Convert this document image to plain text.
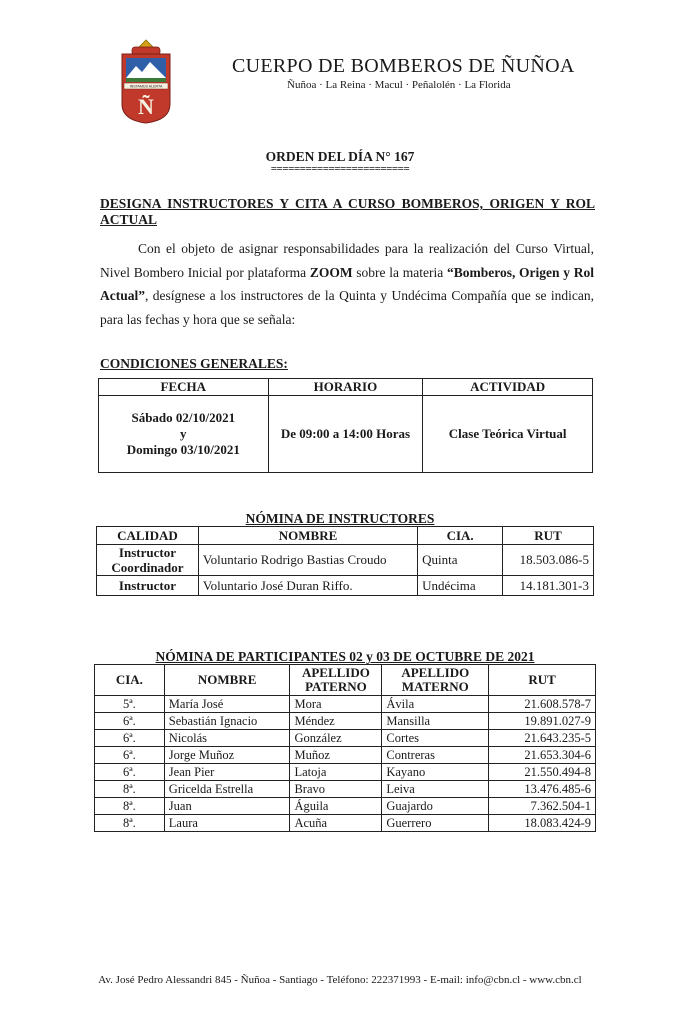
INSTAMUS ALERTA
Ñ
CUERPO DE BOMBEROS DE ÑUÑOA
Ñuñoa · La Reina · Macul · Peñalolén · La Florida
ORDEN DEL DÍA N° 167
========================
DESIGNA INSTRUCTORES Y CITA A CURSO BOMBEROS, ORIGEN Y ROL ACTUAL
Con el objeto de asignar responsabilidades para la realización del Curso Virtual, Nivel Bombero Inicial por plataforma ZOOM sobre la materia “Bomberos, Origen y Rol Actual”, desígnese a los instructores de la Quinta y Undécima Compañía que se indican, para las fechas y hora que se señala:
CONDICIONES GENERALES:
FECHA	HORARIO	ACTIVIDAD

Sábado 02/10/2021
y
Domingo 03/10/2021	De 09:00 a 14:00 Horas	Clase Teórica Virtual
NÓMINA DE INSTRUCTORES
CALIDAD	NOMBRE	CIA.	RUT
Instructor Coordinador	Voluntario Rodrigo Bastias Croudo	Quinta	18.503.086-5
Instructor	Voluntario José Duran Riffo.	Undécima	14.181.301-3
NÓMINA DE PARTICIPANTES 02 y 03 DE OCTUBRE DE 2021
CIA.	NOMBRE	APELLIDO PATERNO	APELLIDO MATERNO	RUT
5ª.	María José	Mora	Ávila	21.608.578-7
6ª.	Sebastián Ignacio	Méndez	Mansilla	19.891.027-9
6ª.	Nicolás	González	Cortes	21.643.235-5
6ª.	Jorge Muñoz	Muñoz	Contreras	21.653.304-6
6ª.	Jean Pier	Latoja	Kayano	21.550.494-8
8ª.	Gricelda Estrella	Bravo	Leiva	13.476.485-6
8ª.	Juan	Águila	Guajardo	7.362.504-1
8ª.	Laura	Acuña	Guerrero	18.083.424-9
Av. José Pedro Alessandri 845 - Ñuñoa - Santiago - Teléfono: 222371993 - E-mail: info@cbn.cl - www.cbn.cl
